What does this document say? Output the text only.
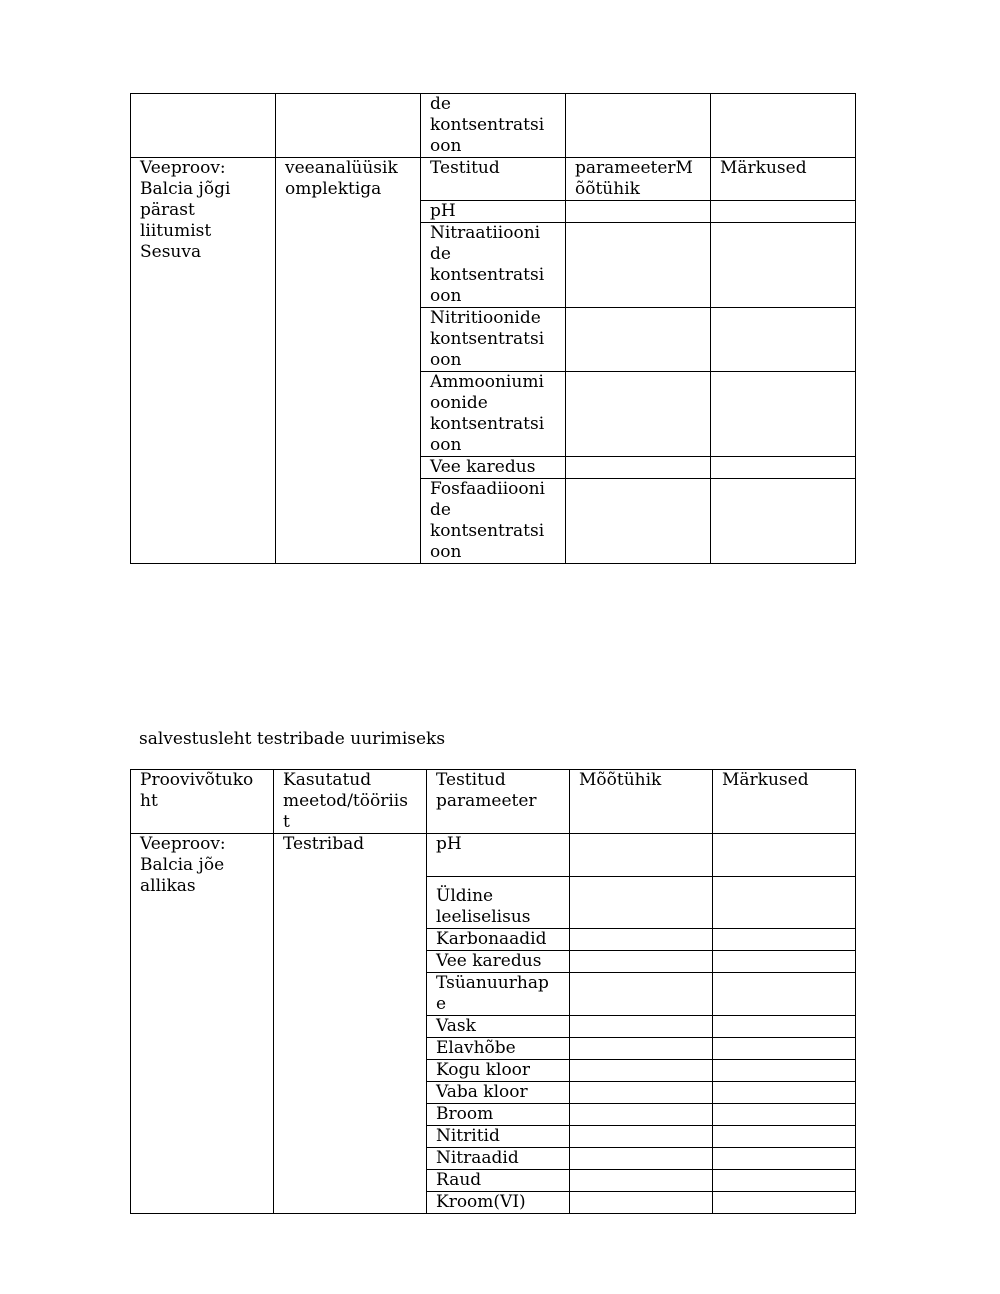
		de
kontsentratsi
oon		
Veeproov:
Balcia jõgi
pärast
liitumist
Sesuva	veeanalüüsik
omplektiga	Testitud	parameeterM
õõtühik	Märkused
		pH		
		Nitraatiiooni
de
kontsentratsi
oon		
		Nitritioonide
kontsentratsi
oon		
		Ammooniumi
oonide
kontsentratsi
oon		
		Vee karedus		
		Fosfaadiiooni
de
kontsentratsi
oon		
salvestusleht testribade uurimiseks
Proovivõtuko
ht	Kasutatud
meetod/tööriis
t	Testitud
parameeter	Mõõtühik	Märkused
Veeproov:
Balcia jõe
allikas	Testribad	pH		
		Üldine
leeliselisus		
		Karbonaadid		
		Vee karedus		
		Tsüanuurhap
e		
		Vask		
		Elavhõbe		
		Kogu kloor		
		Vaba kloor		
		Broom		
		Nitritid		
		Nitraadid		
		Raud		
		Kroom(VI)		
